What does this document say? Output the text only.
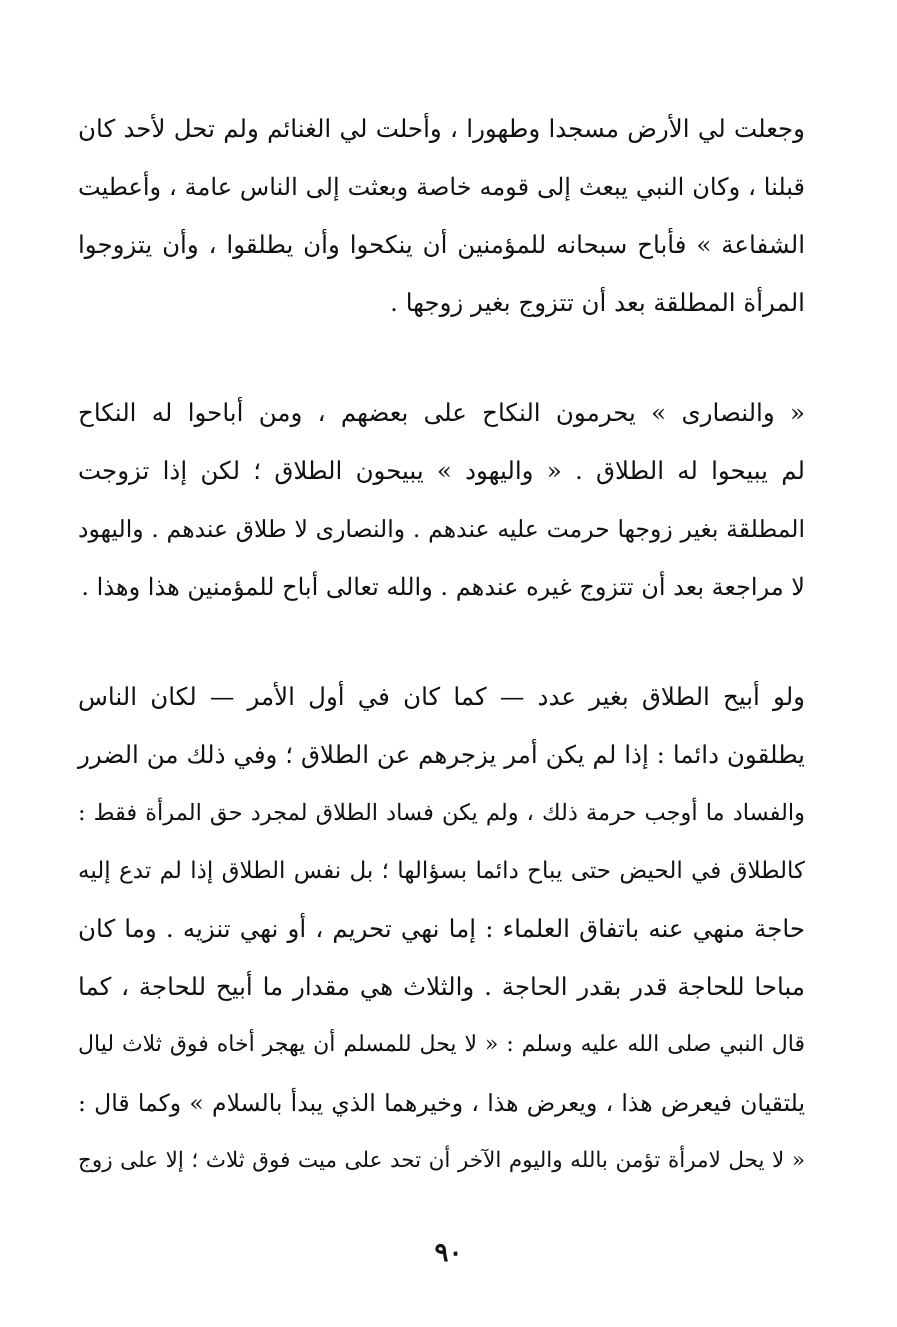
وجعلت لي الأرض مسجدا وطهورا ، وأحلت لي الغنائم ولم تحل لأحد كان
قبلنا ، وكان النبي يبعث إلى قومه خاصة وبعثت إلى الناس عامة ، وأعطيت
الشفاعة » فأباح سبحانه للمؤمنين أن ينكحوا وأن يطلقوا ، وأن يتزوجوا
المرأة المطلقة بعد أن تتزوج بغير زوجها .

« والنصارى » يحرمون النكاح على بعضهم ، ومن أباحوا له النكاح
لم يبيحوا له الطلاق . « واليهود » يبيحون الطلاق ؛ لكن إذا تزوجت
المطلقة بغير زوجها حرمت عليه عندهم . والنصارى لا طلاق عندهم . واليهود
لا مراجعة بعد أن تتزوج غيره عندهم . والله تعالى أباح للمؤمنين هذا وهذا .

ولو أبيح الطلاق بغير عدد — كما كان في أول الأمر — لكان الناس
يطلقون دائما : إذا لم يكن أمر يزجرهم عن الطلاق ؛ وفي ذلك من الضرر
والفساد ما أوجب حرمة ذلك ، ولم يكن فساد الطلاق لمجرد حق المرأة فقط :
كالطلاق في الحيض حتى يباح دائما بسؤالها ؛ بل نفس الطلاق إذا لم تدع إليه
حاجة منهي عنه باتفاق العلماء : إما نهي تحريم ، أو نهي تنزيه . وما كان
مباحا للحاجة قدر بقدر الحاجة . والثلاث هي مقدار ما أبيح للحاجة ، كما
قال النبي صلى الله عليه وسلم : « لا يحل للمسلم أن يهجر أخاه فوق ثلاث ليال
يلتقيان فيعرض هذا ، ويعرض هذا ، وخيرهما الذي يبدأ بالسلام » وكما قال :
« لا يحل لامرأة تؤمن بالله واليوم الآخر أن تحد على ميت فوق ثلاث ؛ إلا على زوج

٩٠
